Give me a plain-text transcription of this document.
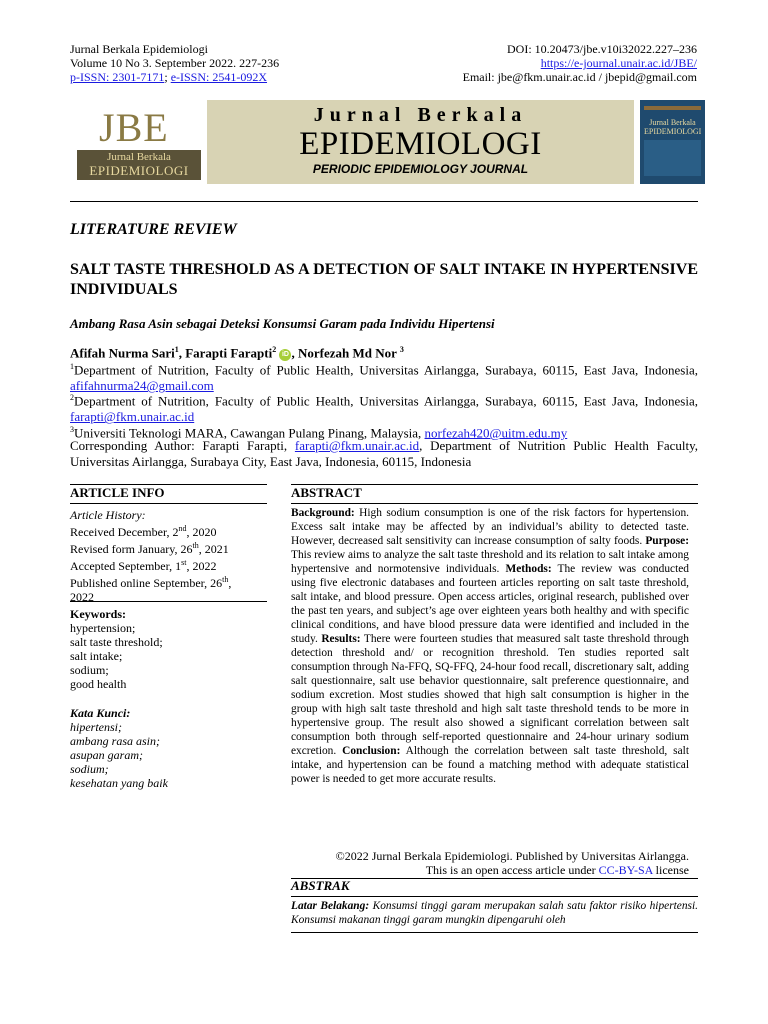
Jurnal Berkala Epidemiologi
Volume 10 No 3. September 2022. 227-236
p-ISSN: 2301-7171; e-ISSN: 2541-092X
DOI: 10.20473/jbe.v10i32022.227–236
https://e-journal.unair.ac.id/JBE/
Email: jbe@fkm.unair.ac.id / jbepid@gmail.com
JBE
Jurnal Berkala
EPIDEMIOLOGI
Jurnal Berkala
EPIDEMIOLOGI
PERIODIC EPIDEMIOLOGY JOURNAL
Jurnal Berkala
EPIDEMIOLOGI
LITERATURE REVIEW
SALT TASTE THRESHOLD AS A DETECTION OF SALT INTAKE IN HYPERTENSIVE INDIVIDUALS
Ambang Rasa Asin sebagai Deteksi Konsumsi Garam pada Individu Hipertensi
Afifah Nurma Sari$^1$, Farapti Farapti$^2$ iD , Norfezah Md Nor $^3$
$^1$Department of Nutrition, Faculty of Public Health, Universitas Airlangga, Surabaya, 60115, East Java, Indonesia, afifahnurma24@gmail.com
$^2$Department of Nutrition, Faculty of Public Health, Universitas Airlangga, Surabaya, 60115, East Java, Indonesia, farapti@fkm.unair.ac.id
$^3$Universiti Teknologi MARA, Cawangan Pulang Pinang, Malaysia, norfezah420@uitm.edu.my
Corresponding Author: Farapti Farapti, farapti@fkm.unair.ac.id, Department of Nutrition Public Health Faculty, Universitas Airlangga, Surabaya City, East Java, Indonesia, 60115, Indonesia
ARTICLE INFO
Article History:
Received December, 2nd, 2020
Revised form January, 26th, 2021
Accepted September, 1st, 2022
Published online September, 26th,
2022
Keywords:
hypertension;
salt taste threshold;
salt intake;
sodium;
good health
Kata Kunci:
hipertensi;
ambang rasa asin;
asupan garam;
sodium;
kesehatan yang baik
ABSTRACT
Background: High sodium consumption is one of the risk factors for hypertension. Excess salt intake may be affected by an individual’s ability to detected taste. However, decreased salt sensitivity can increase consumption of salty foods. Purpose: This review aims to analyze the salt taste threshold and its relation to salt intake among hypertensive and normotensive individuals. Methods: The review was conducted using five electronic databases and fourteen articles reporting on salt taste threshold, salt intake, and blood pressure. Open access articles, original research, published over the past ten years, and subject’s age over eighteen years both healthy and with specific clinical conditions, and have blood pressure data were identified and included in the study. Results: There were fourteen studies that measured salt taste threshold through detection threshold and/ or recognition threshold. Ten studies reported salt consumption through Na-FFQ, SQ-FFQ, 24-hour food recall, discretionary salt, adding salt questionnaire, salt use behavior questionnaire, salt preference questionnaire, and sodium excretion. Most studies showed that high salt consumption is higher in the group with high salt taste threshold and high salt taste threshold tends to be more in hypertensive group. The result also showed a significant correlation between salt consumption both through self-reported questionnaire and 24-hour urinary sodium excretion. Conclusion: Although the correlation between salt taste threshold, salt intake, and hypertension can be found a matching method with adequate statistical power is needed to get more accurate results.
©2022 Jurnal Berkala Epidemiologi. Published by Universitas Airlangga.
This is an open access article under CC-BY-SA license
ABSTRAK
Latar Belakang: Konsumsi tinggi garam merupakan salah satu faktor risiko hipertensi. Konsumsi makanan tinggi garam mungkin dipengaruhi oleh
